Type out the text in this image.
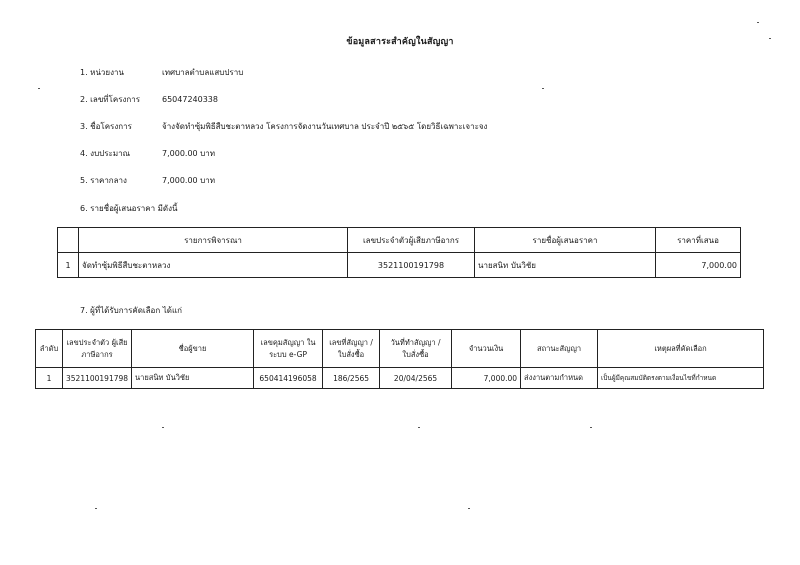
ข้อมูลสาระสำคัญในสัญญา
1. หน่วยงาน	เทศบาลตำบลแสบปราบ
2. เลขที่โครงการ	65047240338
3. ชื่อโครงการ	จ้างจัดทำซุ้มพิธีสืบชะตาหลวง โครงการจัดงานวันเทศบาล ประจำปี ๒๕๖๕ โดยวิธีเฉพาะเจาะจง
4. งบประมาณ	7,000.00 บาท
5. ราคากลาง	7,000.00 บาท
6. รายชื่อผู้เสนอราคา มีดังนี้
	รายการพิจารณา	เลขประจำตัวผู้เสียภาษีอากร	รายชื่อผู้เสนอราคา	ราคาที่เสนอ
1	จัดทำซุ้มพิธีสืบชะตาหลวง	3521100191798	นายสนิท บันวิชัย	7,000.00
7. ผู้ที่ได้รับการคัดเลือก ได้แก่
ลำดับ	เลขประจำตัว ผู้เสียภาษีอากร	ชื่อผู้ขาย	เลขคุมสัญญา ในระบบ e-GP	เลขที่สัญญา / ใบสั่งซื้อ	วันที่ทำสัญญา / ใบสั่งซื้อ	จำนวนเงิน	สถานะสัญญา	เหตุผลที่คัดเลือก
1	3521100191798	นายสนิท บันวิชัย	650414196058	186/2565	20/04/2565	7,000.00	ส่งงานตามกำหนด	เป็นผู้มีคุณสมบัติตรงตามเงื่อนไขที่กำหนด
